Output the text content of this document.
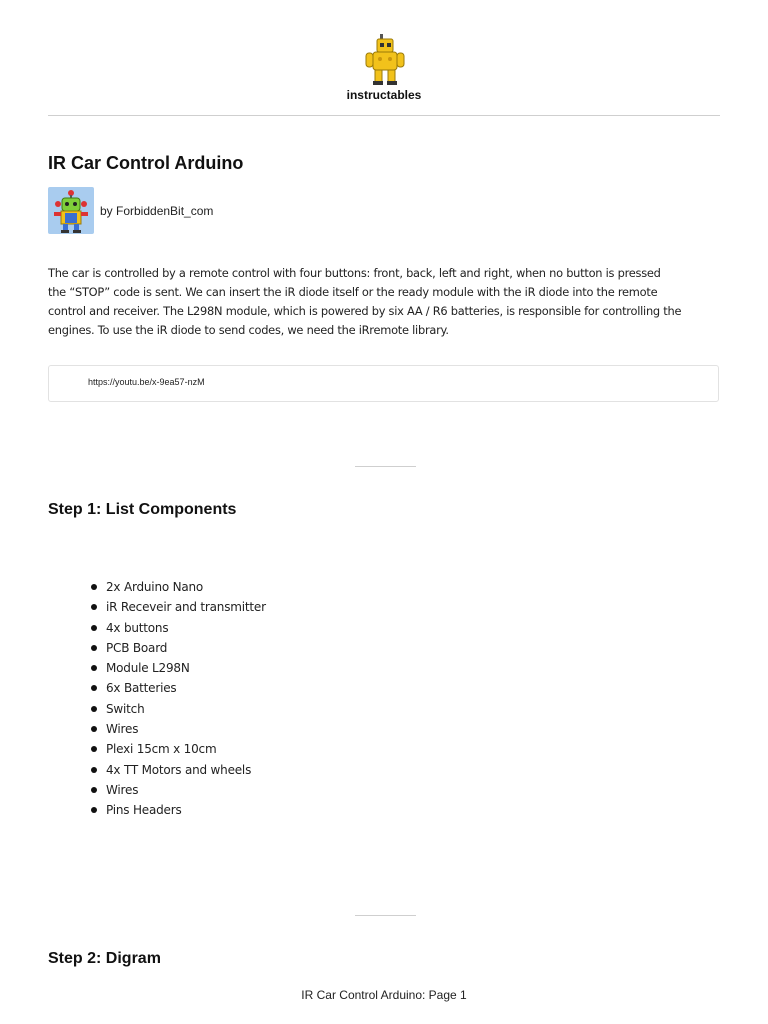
instructables
IR Car Control Arduino
by ForbiddenBit_com

The car is controlled by a remote control with four buttons: front, back, left and right, when no button is pressed
the “STOP” code is sent. We can insert the iR diode itself or the ready module with the iR diode into the remote
control and receiver. The L298N module, which is powered by six AA / R6 batteries, is responsible for controlling the
engines. To use the iR diode to send codes, we need the iRremote library.

https://youtu.be/x-9ea57-nzM
Step 1: List Components
2x Arduino Nano
iR Receveir and transmitter
4x buttons
PCB Board
Module L298N
6x Batteries
Switch
Wires
Plexi 15cm x 10cm
4x TT Motors and wheels
Wires
Pins Headers
Step 2: Digram
IR Car Control Arduino: Page 1
